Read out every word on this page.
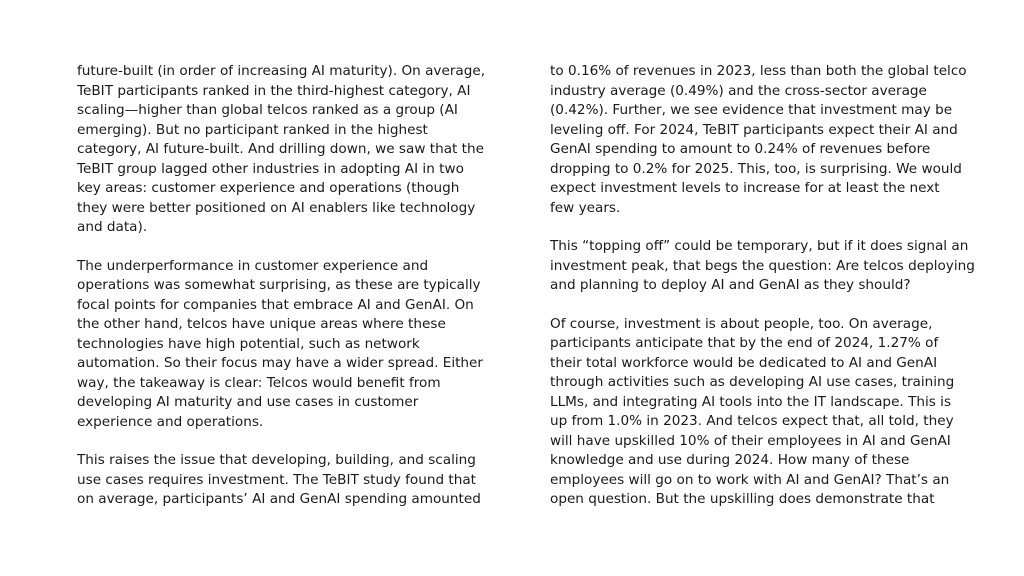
future-built (in order of increasing AI maturity). On average,
TeBIT participants ranked in the third-highest category, AI
scaling—higher than global telcos ranked as a group (AI
emerging). But no participant ranked in the highest
category, AI future-built. And drilling down, we saw that the
TeBIT group lagged other industries in adopting AI in two
key areas: customer experience and operations (though
they were better positioned on AI enablers like technology
and data).

The underperformance in customer experience and
operations was somewhat surprising, as these are typically
focal points for companies that embrace AI and GenAI. On
the other hand, telcos have unique areas where these
technologies have high potential, such as network
automation. So their focus may have a wider spread. Either
way, the takeaway is clear: Telcos would benefit from
developing AI maturity and use cases in customer
experience and operations.

This raises the issue that developing, building, and scaling
use cases requires investment. The TeBIT study found that
on average, participants’ AI and GenAI spending amounted

to 0.16% of revenues in 2023, less than both the global telco
industry average (0.49%) and the cross-sector average
(0.42%). Further, we see evidence that investment may be
leveling off. For 2024, TeBIT participants expect their AI and
GenAI spending to amount to 0.24% of revenues before
dropping to 0.2% for 2025. This, too, is surprising. We would
expect investment levels to increase for at least the next
few years.

This “topping off” could be temporary, but if it does signal an
investment peak, that begs the question: Are telcos deploying
and planning to deploy AI and GenAI as they should?

Of course, investment is about people, too. On average,
participants anticipate that by the end of 2024, 1.27% of
their total workforce would be dedicated to AI and GenAI
through activities such as developing AI use cases, training
LLMs, and integrating AI tools into the IT landscape. This is
up from 1.0% in 2023. And telcos expect that, all told, they
will have upskilled 10% of their employees in AI and GenAI
knowledge and use during 2024. How many of these
employees will go on to work with AI and GenAI? That’s an
open question. But the upskilling does demonstrate that
